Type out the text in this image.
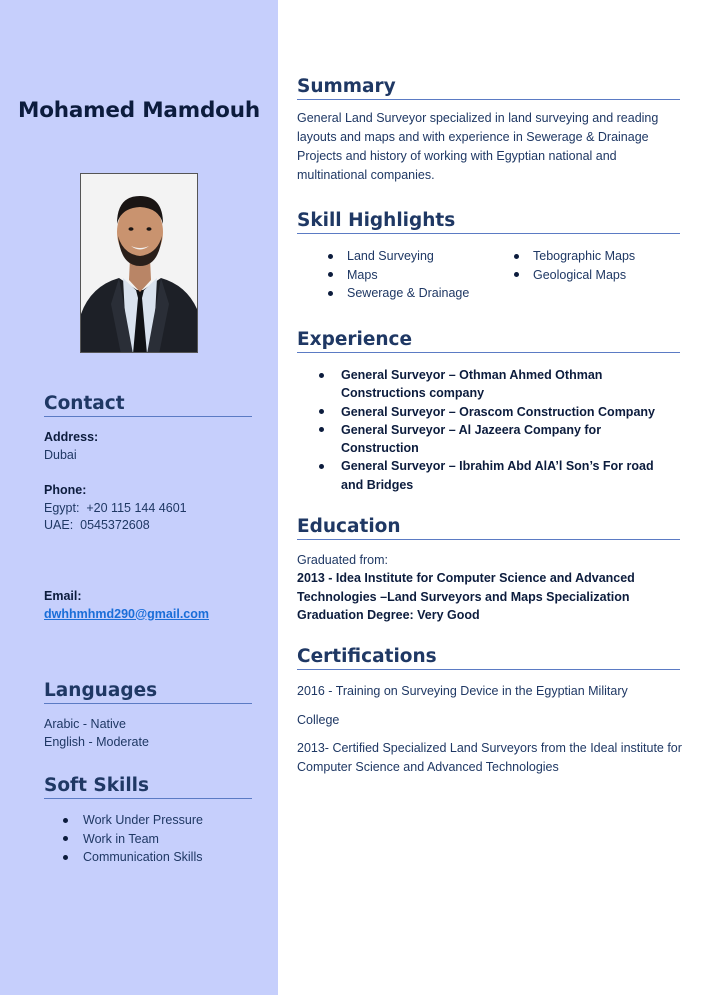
Mohamed Mamdouh
Contact
Address:
Dubai
Phone:
Egypt:  +20 115 144 4601
UAE:  0545372608
Email:
dwhhmhmd290@gmail.com
Languages
Arabic - Native
English - Moderate
Soft Skills
Work Under Pressure
Work in Team
Communication Skills
Summary
General Land Surveyor specialized in land surveying and reading layouts and maps and with experience in Sewerage & Drainage Projects and history of working with Egyptian national and multinational companies.
Skill Highlights
Land Surveying
Maps
Sewerage & Drainage
Tebographic Maps
Geological Maps
Experience
General Surveyor – Othman Ahmed Othman Constructions company
General Surveyor – Orascom Construction Company
General Surveyor – Al Jazeera Company for Construction
General Surveyor – Ibrahim Abd AlA’l Son’s For road and Bridges
Education
Graduated from:
2013 - Idea Institute for Computer Science and Advanced Technologies –Land Surveyors and Maps Specialization
Graduation Degree: Very Good
Certifications
2016 - Training on Surveying Device in the Egyptian Military
College
2013- Certified Specialized Land Surveyors from the Ideal institute for Computer Science and Advanced Technologies
